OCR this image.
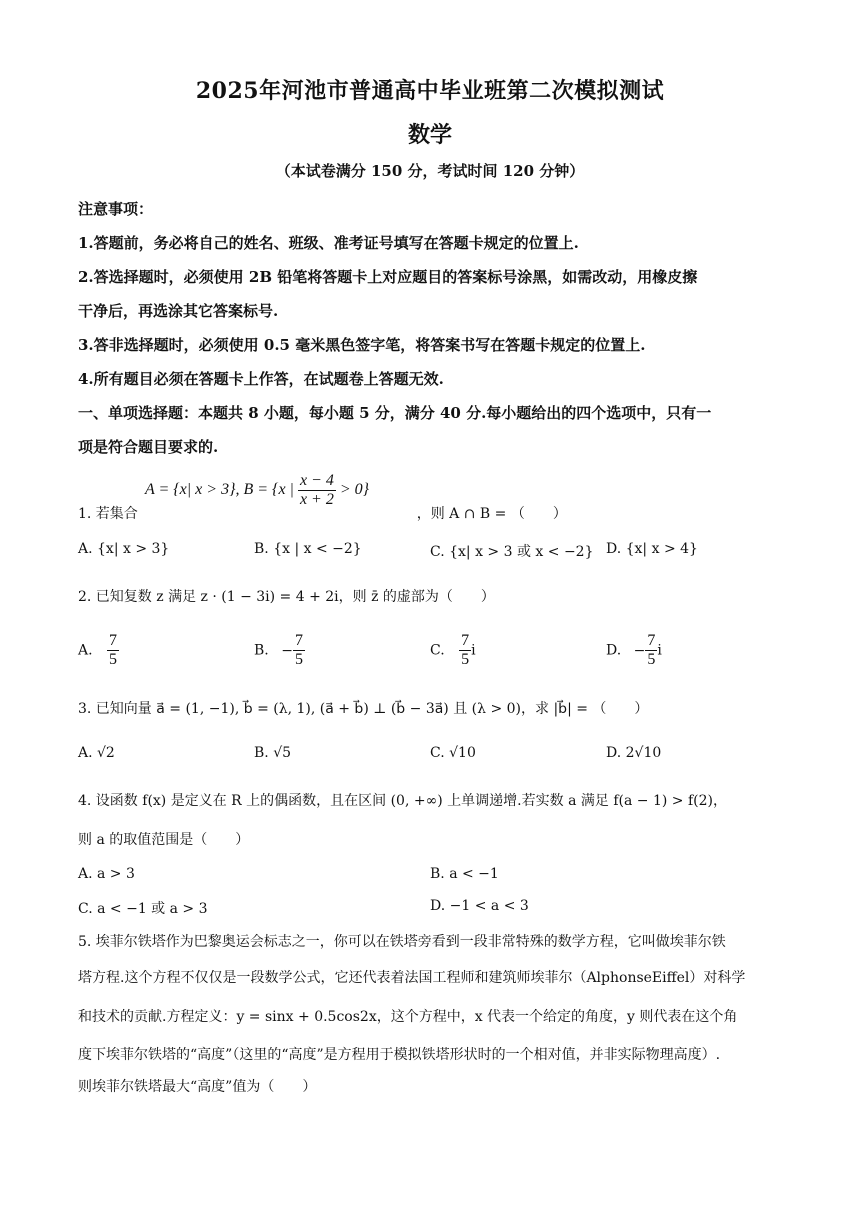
2025年河池市普通高中毕业班第二次模拟测试
数学
（本试卷满分 150 分，考试时间 120 分钟）
注意事项：
1.答题前，务必将自己的姓名、班级、准考证号填写在答题卡规定的位置上.
2.答选择题时，必须使用 2B 铅笔将答题卡上对应题目的答案标号涂黑，如需改动，用橡皮擦
干净后，再选涂其它答案标号.
3.答非选择题时，必须使用 0.5 毫米黑色签字笔，将答案书写在答题卡规定的位置上.
4.所有题目必须在答题卡上作答，在试题卷上答题无效.
一、单项选择题：本题共 8 小题，每小题 5 分，满分 40 分.每小题给出的四个选项中，只有一
项是符合题目要求的.
A = {x| x > 3}, B = {x | $\frac{x - 4}{x + 2} > 0$}
1. 若集合	，则 A ∩ B = （　　）
A. {x| x > 3}	B. {x | x < −2}	C. {x| x > 3 或 x < −2} D. {x| x > 4}
2. 已知复数 z 满足 z · (1 − 3i) = 4 + 2i，则 z̄ 的虚部为（　　）
A. $\frac{7}{5}$	B. − $\frac{7}{5}$	C. $\frac{7}{5}$ i	D. − $\frac{7}{5}$ i
3. 已知向量 a⃗ = (1, −1), b⃗ = (λ, 1), (a⃗ + b⃗) ⊥ (b⃗ − 3a⃗) 且 (λ > 0)，求 |b⃗| = （　　）
A. √2	B. √5	C. √10	D. 2√10
4. 设函数 f(x) 是定义在 R 上的偶函数，且在区间 (0, +∞) 上单调递增.若实数 a 满足 f(a − 1) > f(2)，
则 a 的取值范围是（　　）
A. a > 3	B. a < −1
C. a < −1 或 a > 3	D. −1 < a < 3
5. 埃菲尔铁塔作为巴黎奥运会标志之一，你可以在铁塔旁看到一段非常特殊的数学方程，它叫做埃菲尔铁
塔方程.这个方程不仅仅是一段数学公式，它还代表着法国工程师和建筑师埃菲尔（AlphonseEiffel）对科学
和技术的贡献.方程定义：y = sinx + 0.5cos2x，这个方程中，x 代表一个给定的角度，y 则代表在这个角
度下埃菲尔铁塔的“高度”（这里的“高度”是方程用于模拟铁塔形状时的一个相对值，并非实际物理高度）.
则埃菲尔铁塔最大“高度”值为（　　）
